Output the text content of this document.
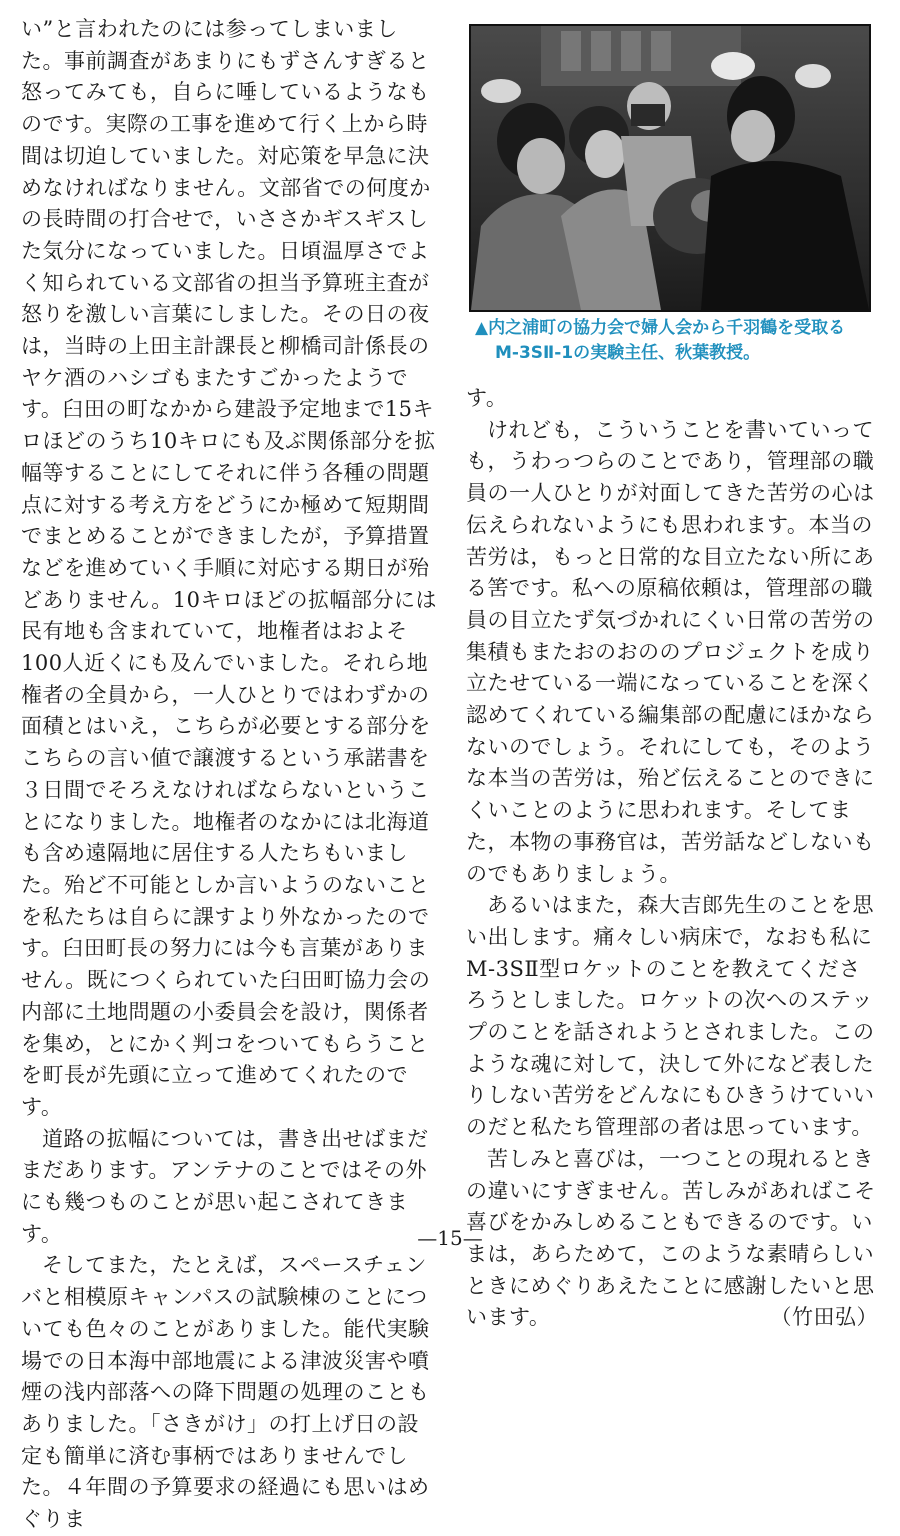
い”と言われたのには参ってしまいました。事前調査があまりにもずさんすぎると怒ってみても，自らに唾しているようなものです。実際の工事を進めて行く上から時間は切迫していました。対応策を早急に決めなければなりません。文部省での何度かの長時間の打合せで，いささかギスギスした気分になっていました。日頃温厚さでよく知られている文部省の担当予算班主査が怒りを激しい言葉にしました。その日の夜は，当時の上田主計課長と柳橋司計係長のヤケ酒のハシゴもまたすごかったようです。臼田の町なかから建設予定地まで15キロほどのうち10キロにも及ぶ関係部分を拡幅等することにしてそれに伴う各種の問題点に対する考え方をどうにか極めて短期間でまとめることができましたが，予算措置などを進めていく手順に対応する期日が殆どありません。10キロほどの拡幅部分には民有地も含まれていて，地権者はおよそ100人近くにも及んでいました。それら地権者の全員から，一人ひとりではわずかの面積とはいえ，こちらが必要とする部分をこちらの言い値で譲渡するという承諾書を３日間でそろえなければならないということになりました。地権者のなかには北海道も含め遠隔地に居住する人たちもいました。殆ど不可能としか言いようのないことを私たちは自らに課すより外なかったのです。臼田町長の努力には今も言葉がありません。既につくられていた臼田町協力会の内部に土地問題の小委員会を設け，関係者を集め，とにかく判コをついてもらうことを町長が先頭に立って進めてくれたのです。

道路の拡幅については，書き出せばまだまだあります。アンテナのことではその外にも幾つものことが思い起こされてきます。

そしてまた，たとえば，スペースチェンバと相模原キャンパスの試験棟のことについても色々のことがありました。能代実験場での日本海中部地震による津波災害や噴煙の浅内部落への降下問題の処理のこともありました。「さきがけ」の打上げ日の設定も簡単に済む事柄ではありませんでした。４年間の予算要求の経過にも思いはめぐりま

▲内之浦町の協力会で婦人会から千羽鶴を受取る
M-3SⅡ-1の実験主任、秋葉教授。

す。

けれども，こういうことを書いていっても，うわっつらのことであり，管理部の職員の一人ひとりが対面してきた苦労の心は伝えられないようにも思われます。本当の苦労は，もっと日常的な目立たない所にある筈です。私への原稿依頼は，管理部の職員の目立たず気づかれにくい日常の苦労の集積もまたおのおののプロジェクトを成り立たせている一端になっていることを深く認めてくれている編集部の配慮にほかならないのでしょう。それにしても，そのような本当の苦労は，殆ど伝えることのできにくいことのように思われます。そしてまた，本物の事務官は，苦労話などしないものでもありましょう。

あるいはまた，森大吉郎先生のことを思い出します。痛々しい病床で，なおも私にM-3SⅡ型ロケットのことを教えてくださろうとしました。ロケットの次へのステップのことを話されようとされました。このような魂に対して，決して外になど表したりしない苦労をどんなにもひきうけていいのだと私たち管理部の者は思っています。

苦しみと喜びは，一つことの現れるときの違いにすぎません。苦しみがあればこそ喜びをかみしめることもできるのです。いまは，あらためて，このような素晴らしいときにめぐりあえたことに感謝したいと思います。	（竹田弘）

—15—
